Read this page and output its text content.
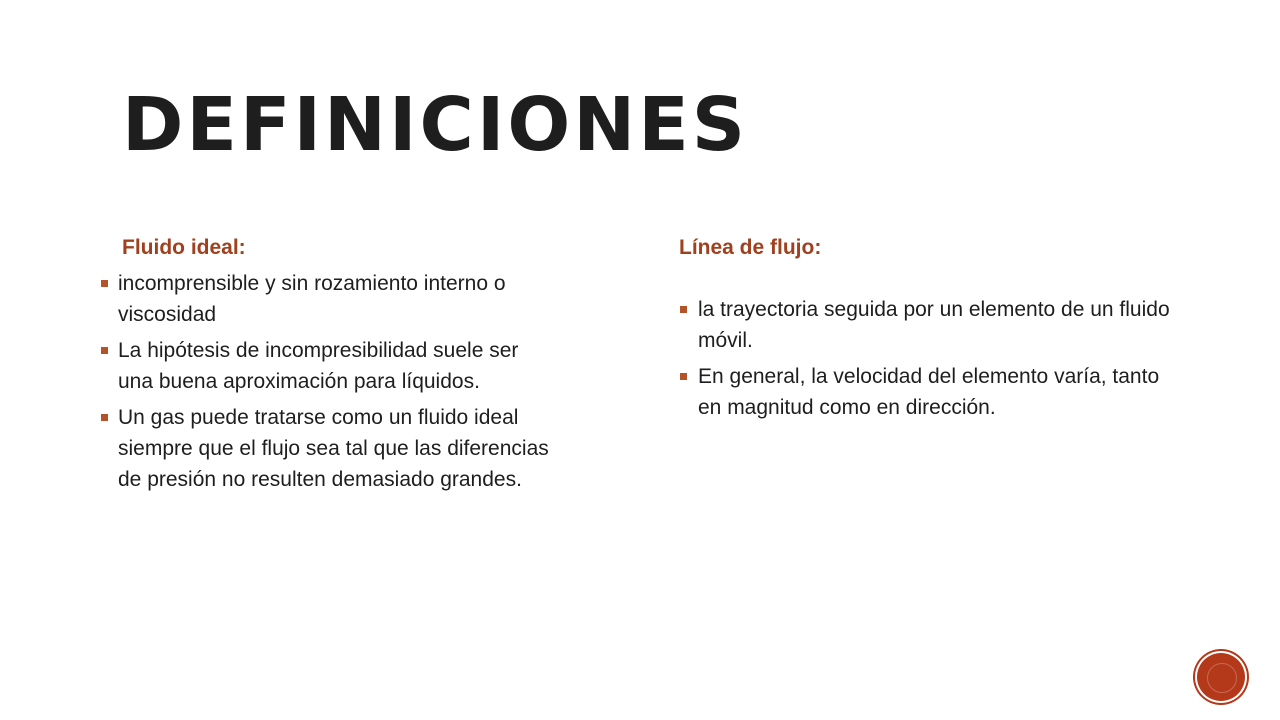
DEFINICIONES
Fluido ideal:
incomprensible y sin rozamiento interno o viscosidad
La hipótesis de incompresibilidad suele ser una buena aproximación para líquidos.
Un gas puede tratarse como un fluido ideal siempre que el flujo sea tal que las diferencias de presión no resulten demasiado grandes.
Línea de flujo:
la trayectoria seguida por un elemento de un fluido móvil.
En general, la velocidad del elemento varía, tanto en magnitud como en dirección.
